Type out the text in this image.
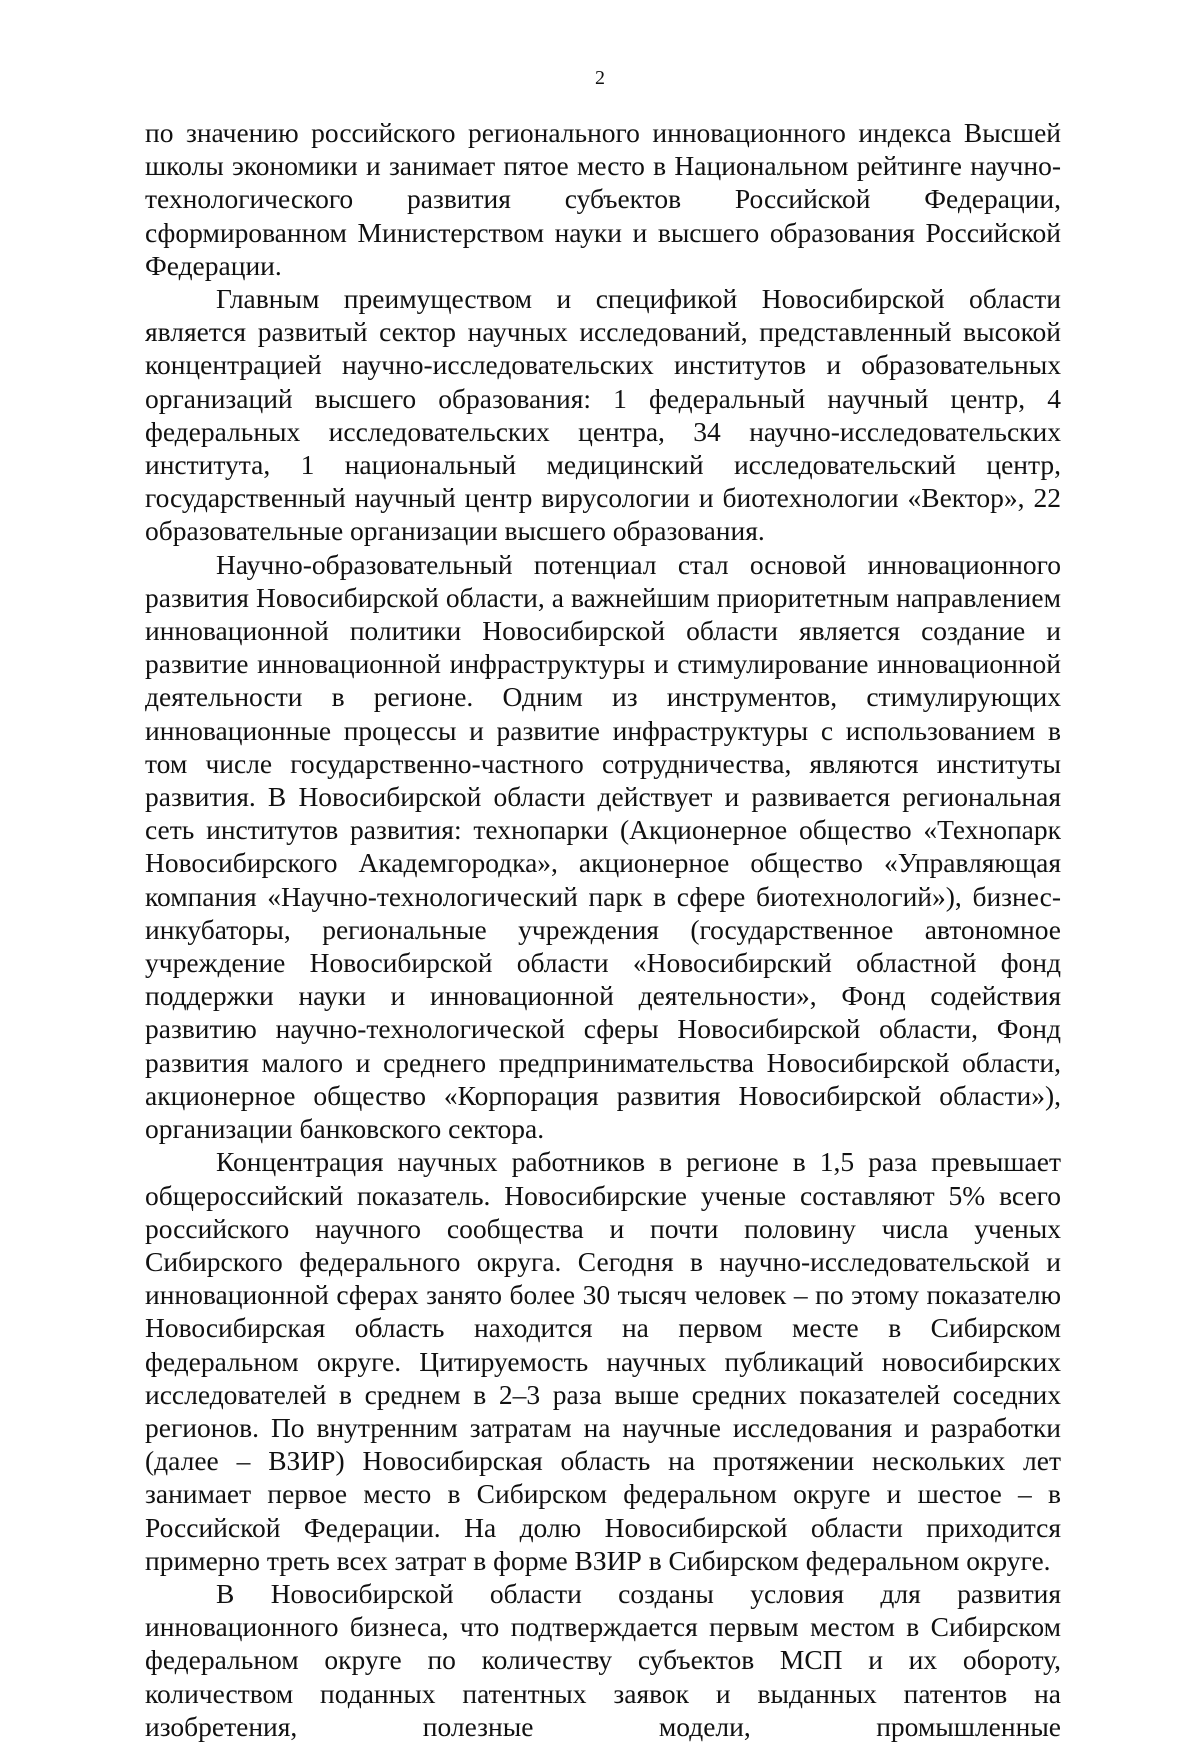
2

по значению российского регионального инновационного индекса Высшей школы экономики и занимает пятое место в Национальном рейтинге научно-технологического развития субъектов Российской Федерации, сформированном Министерством науки и высшего образования Российской Федерации.

Главным преимуществом и спецификой Новосибирской области является развитый сектор научных исследований, представленный высокой концентрацией научно-исследовательских институтов и образовательных организаций высшего образования: 1 федеральный научный центр, 4 федеральных исследовательских центра, 34 научно-исследовательских института, 1 национальный медицинский исследовательский центр, государственный научный центр вирусологии и биотехнологии «Вектор», 22 образовательные организации высшего образования.

Научно-образовательный потенциал стал основой инновационного развития Новосибирской области, а важнейшим приоритетным направлением инновационной политики Новосибирской области является создание и развитие инновационной инфраструктуры и стимулирование инновационной деятельности в регионе. Одним из инструментов, стимулирующих инновационные процессы и развитие инфраструктуры с использованием в том числе государственно-частного сотрудничества, являются институты развития. В Новосибирской области действует и развивается региональная сеть институтов развития: технопарки (Акционерное общество «Технопарк Новосибирского Академгородка», акционерное общество «Управляющая компания «Научно-технологический парк в сфере биотехнологий»), бизнес-инкубаторы, региональные учреждения (государственное автономное учреждение Новосибирской области «Новосибирский областной фонд поддержки науки и инновационной деятельности», Фонд содействия развитию научно-технологической сферы Новосибирской области, Фонд развития малого и среднего предпринимательства Новосибирской области, акционерное общество «Корпорация развития Новосибирской области»), организации банковского сектора.

Концентрация научных работников в регионе в 1,5 раза превышает общероссийский показатель. Новосибирские ученые составляют 5% всего российского научного сообщества и почти половину числа ученых Сибирского федерального округа. Сегодня в научно-исследовательской и инновационной сферах занято более 30 тысяч человек – по этому показателю Новосибирская область находится на первом месте в Сибирском федеральном округе. Цитируемость научных публикаций новосибирских исследователей в среднем в 2–3 раза выше средних показателей соседних регионов. По внутренним затратам на научные исследования и разработки (далее – ВЗИР) Новосибирская область на протяжении нескольких лет занимает первое место в Сибирском федеральном округе и шестое – в Российской Федерации. На долю Новосибирской области приходится примерно треть всех затрат в форме ВЗИР в Сибирском федеральном округе.

В Новосибирской области созданы условия для развития инновационного бизнеса, что подтверждается первым местом в Сибирском федеральном округе по количеству субъектов МСП и их обороту, количеством поданных патентных заявок и выданных патентов на изобретения, полезные модели, промышленные
